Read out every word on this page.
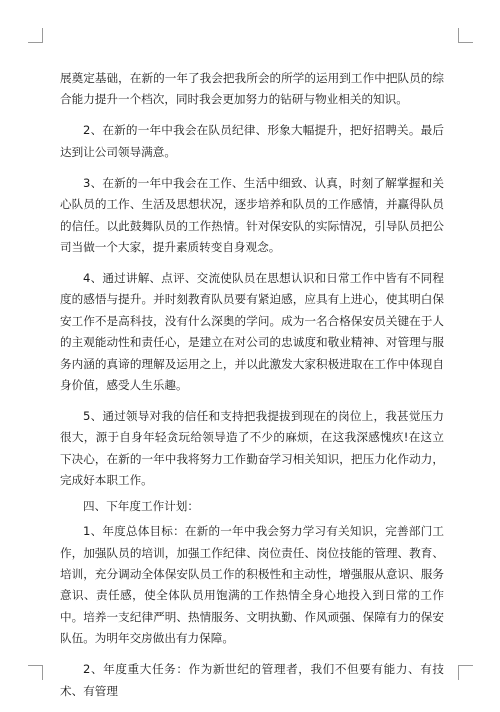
展奠定基础，在新的一年了我会把我所会的所学的运用到工作中把队员的综合能力提升一个档次，同时我会更加努力的钻研与物业相关的知识。

2、在新的一年中我会在队员纪律、形象大幅提升，把好招聘关。最后达到让公司领导满意。

3、在新的一年中我会在工作、生活中细致、认真，时刻了解掌握和关心队员的工作、生活及思想状况，逐步培养和队员的工作感情，并赢得队员的信任。以此鼓舞队员的工作热情。针对保安队的实际情况，引导队员把公司当做一个大家，提升素质转变自身观念。

4、通过讲解、点评、交流使队员在思想认识和日常工作中皆有不同程度的感悟与提升。并时刻教育队员要有紧迫感，应具有上进心，使其明白保安工作不是高科技，没有什么深奥的学问。成为一名合格保安员关键在于人的主观能动性和责任心，是建立在对公司的忠诚度和敬业精神、对管理与服务内涵的真谛的理解及运用之上，并以此激发大家积极进取在工作中体现自身价值，感受人生乐趣。

5、通过领导对我的信任和支持把我提拔到现在的岗位上，我甚觉压力很大，源于自身年轻贪玩给领导造了不少的麻烦，在这我深感愧疚!在这立下决心，在新的一年中我将努力工作勤奋学习相关知识，把压力化作动力，完成好本职工作。

四、下年度工作计划：

1、年度总体目标：在新的一年中我会努力学习有关知识，完善部门工作，加强队员的培训，加强工作纪律、岗位责任、岗位技能的管理、教育、培训，充分调动全体保安队员工作的积极性和主动性，增强服从意识、服务意识、责任感，使全体队员用饱满的工作热情全身心地投入到日常的工作中。培养一支纪律严明、热情服务、文明执勤、作风顽强、保障有力的保安队伍。为明年交房做出有力保障。

2、年度重大任务：作为新世纪的管理者，我们不但要有能力、有技术、有管理
